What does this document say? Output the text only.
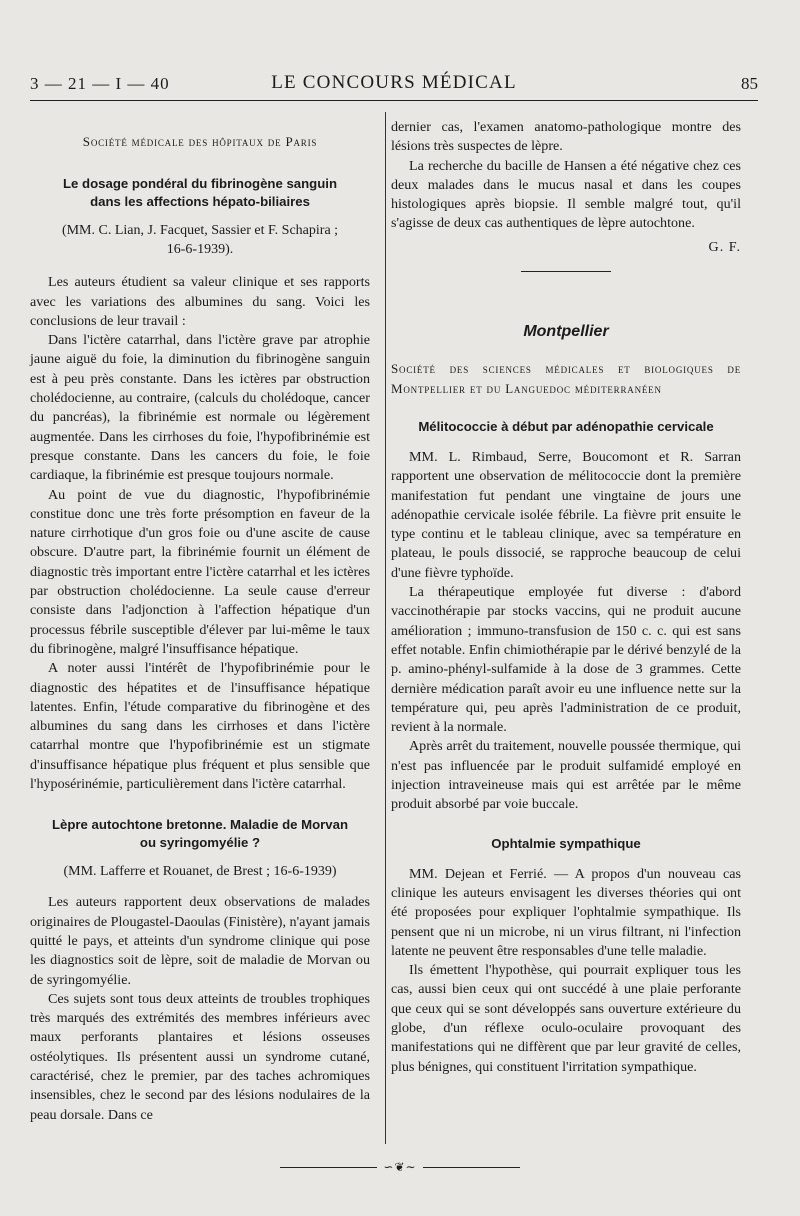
3 — 21 — I — 40	LE CONCOURS MÉDICAL	85

Société médicale des hôpitaux de Paris

Le dosage pondéral du fibrinogène sanguin
dans les affections hépato-biliaires
(MM. C. Lian, J. Facquet, Sassier et F. Schapira ;
16-6-1939).

Les auteurs étudient sa valeur clinique et ses rapports avec les variations des albumines du sang. Voici les conclusions de leur travail :

Dans l'ictère catarrhal, dans l'ictère grave par atrophie jaune aiguë du foie, la diminution du fibrinogène sanguin est à peu près constante. Dans les ictères par obstruction cholédocienne, au contraire, (calculs du cholédoque, cancer du pancréas), la fibrinémie est normale ou légèrement augmentée. Dans les cirrhoses du foie, l'hypofibrinémie est presque constante. Dans les cancers du foie, le foie cardiaque, la fibrinémie est presque toujours normale.

Au point de vue du diagnostic, l'hypofibrinémie constitue donc une très forte présomption en faveur de la nature cirrhotique d'un gros foie ou d'une ascite de cause obscure. D'autre part, la fibrinémie fournit un élément de diagnostic très important entre l'ictère catarrhal et les ictères par obstruction cholédocienne. La seule cause d'erreur consiste dans l'adjonction à l'affection hépatique d'un processus fébrile susceptible d'élever par lui-même le taux du fibrinogène, malgré l'insuffisance hépatique.

A noter aussi l'intérêt de l'hypofibrinémie pour le diagnostic des hépatites et de l'insuffisance hépatique latentes. Enfin, l'étude comparative du fibrinogène et des albumines du sang dans les cirrhoses et dans l'ictère catarrhal montre que l'hypofibrinémie est un stigmate d'insuffisance hépatique plus fréquent et plus sensible que l'hyposérinémie, particulièrement dans l'ictère catarrhal.

Lèpre autochtone bretonne. Maladie de Morvan
ou syringomyélie ?

(MM. Lafferre et Rouanet, de Brest ; 16-6-1939)

Les auteurs rapportent deux observations de malades originaires de Plougastel-Daoulas (Finistère), n'ayant jamais quitté le pays, et atteints d'un syndrome clinique qui pose les diagnostics soit de lèpre, soit de maladie de Morvan ou de syringomyélie.

Ces sujets sont tous deux atteints de troubles trophiques très marqués des extrémités des membres inférieurs avec maux perforants plantaires et lésions osseuses ostéolytiques. Ils présentent aussi un syndrome cutané, caractérisé, chez le premier, par des taches achromiques insensibles, chez le second par des lésions nodulaires de la peau dorsale. Dans ce

dernier cas, l'examen anatomo-pathologique montre des lésions très suspectes de lèpre.

La recherche du bacille de Hansen a été négative chez ces deux malades dans le mucus nasal et dans les coupes histologiques après biopsie. Il semble malgré tout, qu'il s'agisse de deux cas authentiques de lèpre autochtone.

G. F.

Montpellier

Société des sciences médicales et biologiques de Montpellier et du Languedoc méditerranéen

Mélitococcie à début par adénopathie cervicale

MM. L. Rimbaud, Serre, Boucomont et R. Sarran rapportent une observation de mélitococcie dont la première manifestation fut pendant une vingtaine de jours une adénopathie cervicale isolée fébrile. La fièvre prit ensuite le type continu et le tableau clinique, avec sa température en plateau, le pouls dissocié, se rapproche beaucoup de celui d'une fièvre typhoïde.

La thérapeutique employée fut diverse : d'abord vaccinothérapie par stocks vaccins, qui ne produit aucune amélioration ; immuno-transfusion de 150 c. c. qui est sans effet notable. Enfin chimiothérapie par le dérivé benzylé de la p. amino-phényl-sulfamide à la dose de 3 grammes. Cette dernière médication paraît avoir eu une influence nette sur la température qui, peu après l'administration de ce produit, revient à la normale.

Après arrêt du traitement, nouvelle poussée thermique, qui n'est pas influencée par le produit sulfamidé employé en injection intraveineuse mais qui est arrêtée par le même produit absorbé par voie buccale.

Ophtalmie sympathique

MM. Dejean et Ferrié. — A propos d'un nouveau cas clinique les auteurs envisagent les diverses théories qui ont été proposées pour expliquer l'ophtalmie sympathique. Ils pensent que ni un microbe, ni un virus filtrant, ni l'infection latente ne peuvent être responsables d'une telle maladie.

Ils émettent l'hypothèse, qui pourrait expliquer tous les cas, aussi bien ceux qui ont succédé à une plaie perforante que ceux qui se sont développés sans ouverture extérieure du globe, d'un réflexe oculo-oculaire provoquant des manifestations qui ne diffèrent que par leur gravité de celles, plus bénignes, qui constituent l'irritation sympathique.

∽❦∼
